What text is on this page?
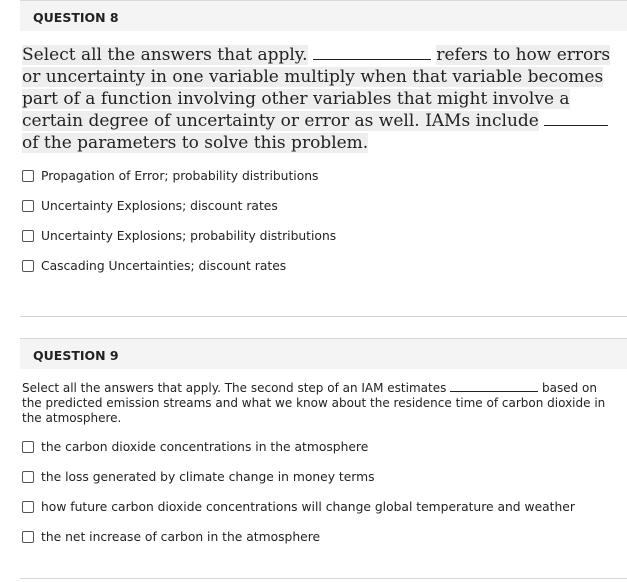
QUESTION 8
Select all the answers that apply.	refers to how errors or uncertainty in one variable multiply when that variable becomes part of a function involving other variables that might involve a certain degree of uncertainty or error as well. IAMs include  of the parameters to solve this problem.
Propagation of Error; probability distributions
Uncertainty Explosions; discount rates
Uncertainty Explosions; probability distributions
Cascading Uncertainties; discount rates
QUESTION 9
Select all the answers that apply. The second step of an IAM estimates	based on the predicted emission streams and what we know about the residence time of carbon dioxide in the atmosphere.
the carbon dioxide concentrations in the atmosphere
the loss generated by climate change in money terms
how future carbon dioxide concentrations will change global temperature and weather
the net increase of carbon in the atmosphere
